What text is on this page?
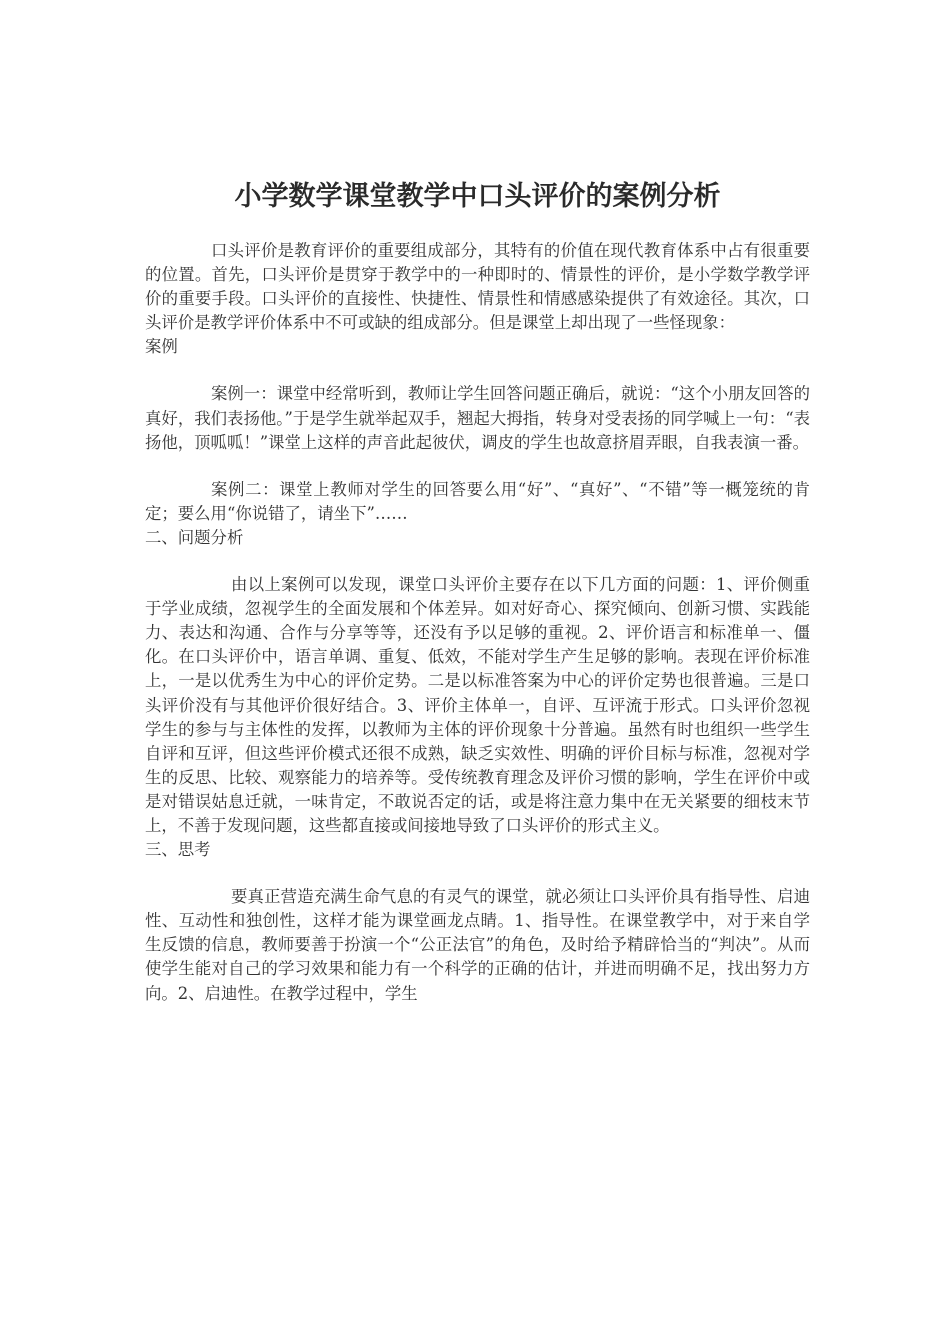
小学数学课堂教学中口头评价的案例分析

口头评价是教育评价的重要组成部分，其特有的价值在现代教育体系中占有很重要的位置。首先，口头评价是贯穿于教学中的一种即时的、情景性的评价，是小学数学教学评价的重要手段。口头评价的直接性、快捷性、情景性和情感感染提供了有效途径。其次，口头评价是教学评价体系中不可或缺的组成部分。但是课堂上却出现了一些怪现象：

案例

案例一：课堂中经常听到，教师让学生回答问题正确后，就说：“这个小朋友回答的真好，我们表扬他。”于是学生就举起双手，翘起大拇指，转身对受表扬的同学喊上一句：“表扬他，顶呱呱！”课堂上这样的声音此起彼伏，调皮的学生也故意挤眉弄眼，自我表演一番。

案例二：课堂上教师对学生的回答要么用“好”、“真好”、“不错”等一概笼统的肯定；要么用“你说错了，请坐下”……

二、问题分析

由以上案例可以发现，课堂口头评价主要存在以下几方面的问题：1、评价侧重于学业成绩，忽视学生的全面发展和个体差异。如对好奇心、探究倾向、创新习惯、实践能力、表达和沟通、合作与分享等等，还没有予以足够的重视。2、评价语言和标准单一、僵化。在口头评价中，语言单调、重复、低效，不能对学生产生足够的影响。表现在评价标准上，一是以优秀生为中心的评价定势。二是以标准答案为中心的评价定势也很普遍。三是口头评价没有与其他评价很好结合。3、评价主体单一，自评、互评流于形式。口头评价忽视学生的参与与主体性的发挥，以教师为主体的评价现象十分普遍。虽然有时也组织一些学生自评和互评，但这些评价模式还很不成熟，缺乏实效性、明确的评价目标与标准，忽视对学生的反思、比较、观察能力的培养等。受传统教育理念及评价习惯的影响，学生在评价中或是对错误姑息迁就，一味肯定，不敢说否定的话，或是将注意力集中在无关紧要的细枝末节上，不善于发现问题，这些都直接或间接地导致了口头评价的形式主义。

三、思考

要真正营造充满生命气息的有灵气的课堂，就必须让口头评价具有指导性、启迪性、互动性和独创性，这样才能为课堂画龙点睛。1、指导性。在课堂教学中，对于来自学生反馈的信息，教师要善于扮演一个“公正法官”的角色，及时给予精辟恰当的“判决”。从而使学生能对自己的学习效果和能力有一个科学的正确的估计，并进而明确不足，找出努力方向。2、启迪性。在教学过程中，学生
